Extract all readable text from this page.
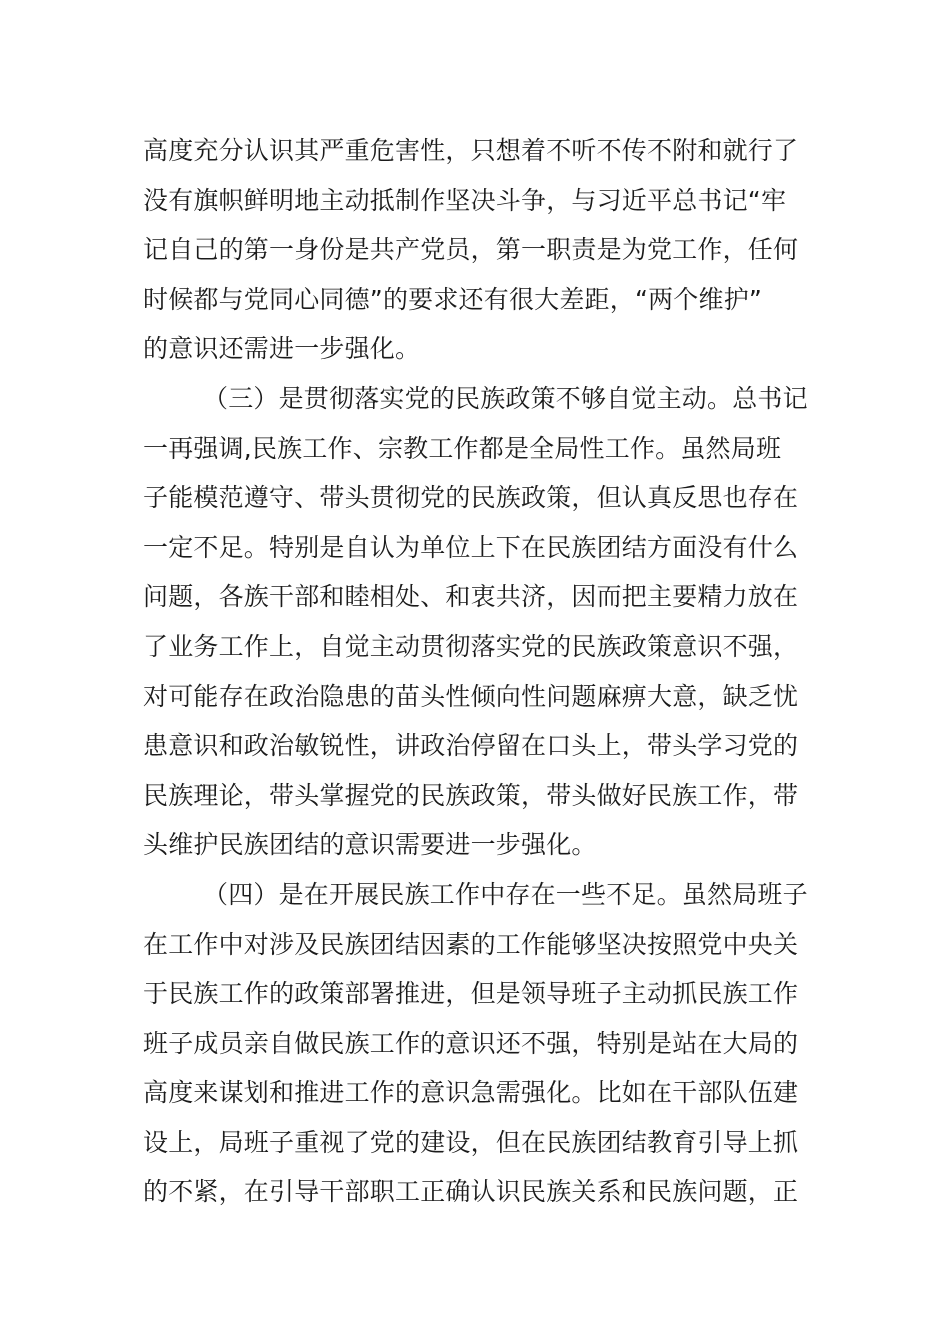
高度充分认识其严重危害性，只想着不听不传不附和就行了
没有旗帜鲜明地主动抵制作坚决斗争，与习近平总书记“牢
记自己的第一身份是共产党员，第一职责是为党工作，任何
时候都与党同心同德”的要求还有很大差距，“两个维护”
的意识还需进一步强化。
（三）是贯彻落实党的民族政策不够自觉主动。总书记
一再强调,民族工作、宗教工作都是全局性工作。虽然局班
子能模范遵守、带头贯彻党的民族政策，但认真反思也存在
一定不足。特别是自认为单位上下在民族团结方面没有什么
问题，各族干部和睦相处、和衷共济，因而把主要精力放在
了业务工作上，自觉主动贯彻落实党的民族政策意识不强，
对可能存在政治隐患的苗头性倾向性问题麻痹大意，缺乏忧
患意识和政治敏锐性，讲政治停留在口头上，带头学习党的
民族理论，带头掌握党的民族政策，带头做好民族工作，带
头维护民族团结的意识需要进一步强化。
（四）是在开展民族工作中存在一些不足。虽然局班子
在工作中对涉及民族团结因素的工作能够坚决按照党中央关
于民族工作的政策部署推进，但是领导班子主动抓民族工作
班子成员亲自做民族工作的意识还不强，特别是站在大局的
高度来谋划和推进工作的意识急需强化。比如在干部队伍建
设上，局班子重视了党的建设，但在民族团结教育引导上抓
的不紧，在引导干部职工正确认识民族关系和民族问题，正
